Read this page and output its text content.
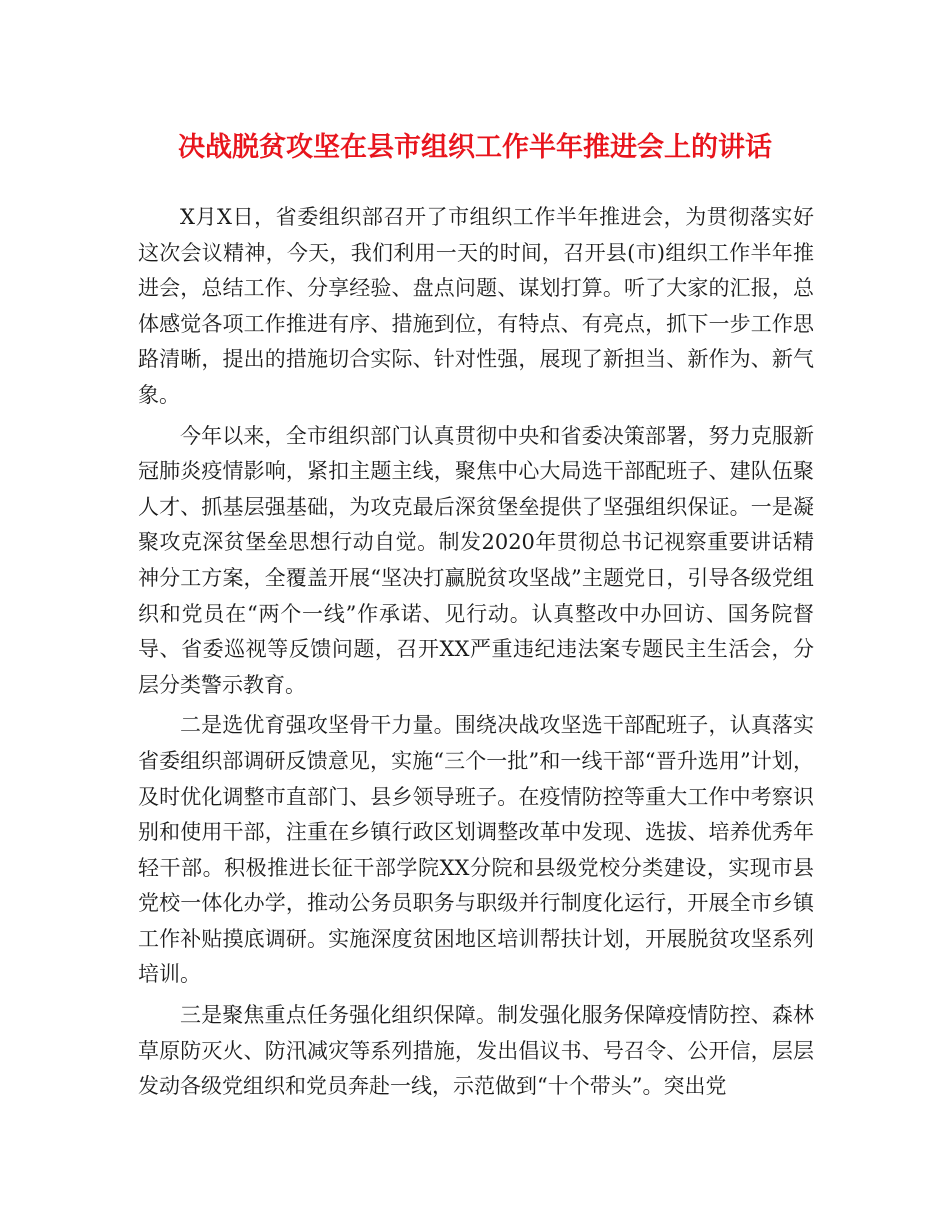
决战脱贫攻坚在县市组织工作半年推进会上的讲话

X月X日，省委组织部召开了市组织工作半年推进会，为贯彻落实好这次会议精神，今天，我们利用一天的时间，召开县(市)组织工作半年推进会，总结工作、分享经验、盘点问题、谋划打算。听了大家的汇报，总体感觉各项工作推进有序、措施到位，有特点、有亮点，抓下一步工作思路清晰，提出的措施切合实际、针对性强，展现了新担当、新作为、新气象。

今年以来，全市组织部门认真贯彻中央和省委决策部署，努力克服新冠肺炎疫情影响，紧扣主题主线，聚焦中心大局选干部配班子、建队伍聚人才、抓基层强基础，为攻克最后深贫堡垒提供了坚强组织保证。一是凝聚攻克深贫堡垒思想行动自觉。制发2020年贯彻总书记视察重要讲话精神分工方案，全覆盖开展“坚决打赢脱贫攻坚战”主题党日，引导各级党组织和党员在“两个一线”作承诺、见行动。认真整改中办回访、国务院督导、省委巡视等反馈问题，召开XX严重违纪违法案专题民主生活会，分层分类警示教育。

二是选优育强攻坚骨干力量。围绕决战攻坚选干部配班子，认真落实省委组织部调研反馈意见，实施“三个一批”和一线干部“晋升选用”计划，及时优化调整市直部门、县乡领导班子。在疫情防控等重大工作中考察识别和使用干部，注重在乡镇行政区划调整改革中发现、选拔、培养优秀年轻干部。积极推进长征干部学院XX分院和县级党校分类建设，实现市县党校一体化办学，推动公务员职务与职级并行制度化运行，开展全市乡镇工作补贴摸底调研。实施深度贫困地区培训帮扶计划，开展脱贫攻坚系列培训。

三是聚焦重点任务强化组织保障。制发强化服务保障疫情防控、森林草原防灭火、防汛减灾等系列措施，发出倡议书、号召令、公开信，层层发动各级党组织和党员奔赴一线，示范做到“十个带头”。突出党
